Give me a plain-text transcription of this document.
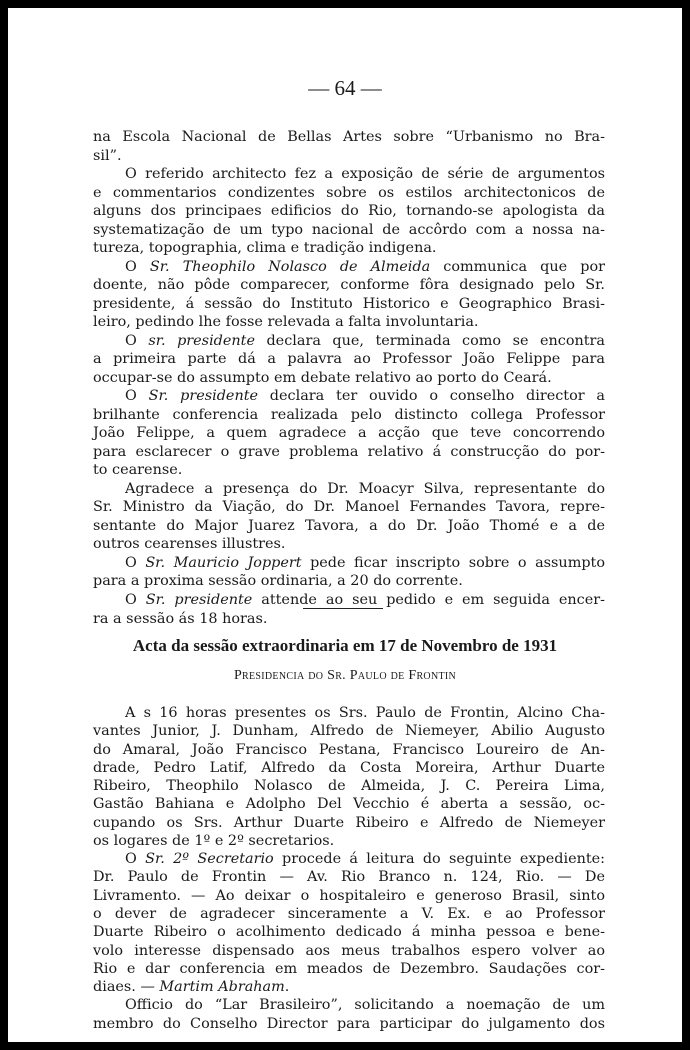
— 64 —
na Escola Nacional de Bellas Artes sobre “Urbanismo no Bra-
sil”.
O referido architecto fez a exposição de série de argumentos
e commentarios condizentes sobre os estilos architectonicos de
alguns dos principaes edificios do Rio, tornando-se apologista da
systematização de um typo nacional de accôrdo com a nossa na-
tureza, topographia, clima e tradição indigena.
O Sr. Theophilo Nolasco de Almeida communica que por
doente, não pôde comparecer, conforme fôra designado pelo Sr.
presidente, á sessão do Instituto Historico e Geographico Brasi-
leiro, pedindo lhe fosse relevada a falta involuntaria.
O sr. presidente declara que, terminada como se encontra
a primeira parte dá a palavra ao Professor João Felippe para
occupar-se do assumpto em debate relativo ao porto do Ceará.
O Sr. presidente declara ter ouvido o conselho director a
brilhante conferencia realizada pelo distincto collega Professor
João Felippe, a quem agradece a acção que teve concorrendo
para esclarecer o grave problema relativo á construcção do por-
to cearense.
Agradece a presença do Dr. Moacyr Silva, representante do
Sr. Ministro da Viação, do Dr. Manoel Fernandes Tavora, repre-
sentante do Major Juarez Tavora, a do Dr. João Thomé e a de
outros cearenses illustres.
O Sr. Mauricio Joppert pede ficar inscripto sobre o assumpto
para a proxima sessão ordinaria, a 20 do corrente.
O Sr. presidente attende ao seu pedido e em seguida encer-
ra a sessão ás 18 horas.
Acta da sessão extraordinaria em 17 de Novembro de 1931
Presidencia do Sr. Paulo de Frontin
A s 16 horas presentes os Srs. Paulo de Frontin, Alcino Cha-
vantes Junior, J. Dunham, Alfredo de Niemeyer, Abilio Augusto
do Amaral, João Francisco Pestana, Francisco Loureiro de An-
drade, Pedro Latif, Alfredo da Costa Moreira, Arthur Duarte
Ribeiro, Theophilo Nolasco de Almeida, J. C. Pereira Lima,
Gastão Bahiana e Adolpho Del Vecchio é aberta a sessão, oc-
cupando os Srs. Arthur Duarte Ribeiro e Alfredo de Niemeyer
os logares de 1º e 2º secretarios.
O Sr. 2º Secretario procede á leitura do seguinte expediente:
Dr. Paulo de Frontin — Av. Rio Branco n. 124, Rio. — De
Livramento. — Ao deixar o hospitaleiro e generoso Brasil, sinto
o dever de agradecer sinceramente a V. Ex. e ao Professor
Duarte Ribeiro o acolhimento dedicado á minha pessoa e bene-
volo interesse dispensado aos meus trabalhos espero volver ao
Rio e dar conferencia em meados de Dezembro. Saudações cor-
diaes. — Martim Abraham.
Officio do “Lar Brasileiro”, solicitando a noemação de um
membro do Conselho Director para participar do julgamento dos
